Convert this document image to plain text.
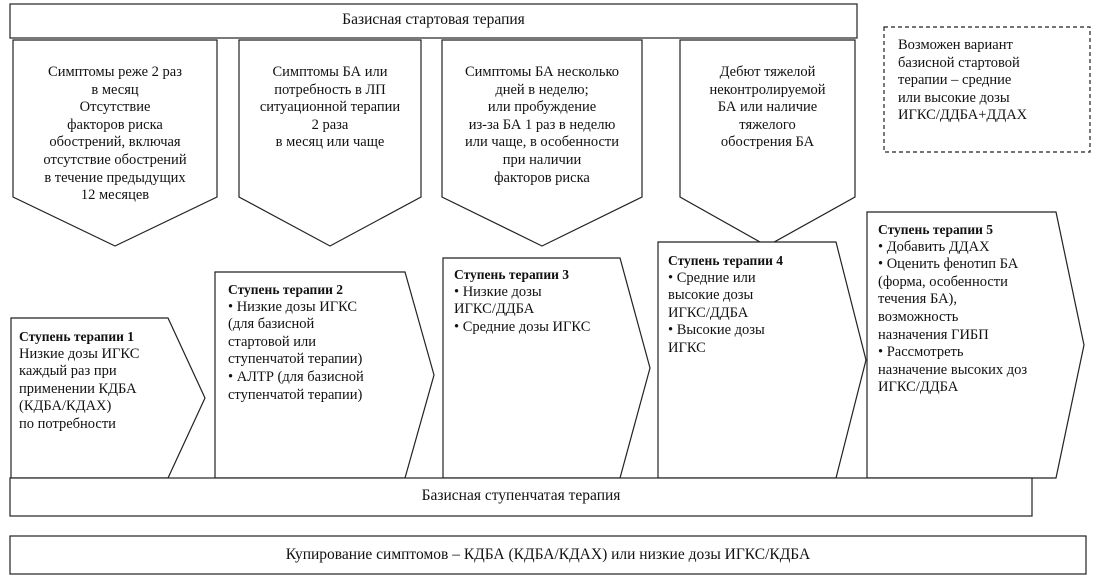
Базисная стартовая терапия
Базисная ступенчатая терапия
Купирование симптомов – КДБА (КДБА/КДАХ) или низкие дозы ИГКС/КДБА
Симптомы реже 2 раз
в месяц
Отсутствие
факторов риска
обострений, включая
отсутствие обострений
в течение предыдущих
12 месяцев
Симптомы БА или
потребность в ЛП
ситуационной терапии
2 раза
в месяц или чаще
Симптомы БА несколько
дней в неделю;
или пробуждение
из-за БА 1 раз в неделю
или чаще, в особенности
при наличии
факторов риска
Дебют тяжелой
неконтролируемой
БА или наличие
тяжелого
обострения БА
Возможен вариант
базисной стартовой
терапии – средние
или высокие дозы
ИГКС/ДДБА+ДДАХ
Ступень терапии 1
Низкие дозы ИГКС
каждый раз при
применении КДБА
(КДБА/КДАХ)
по потребности
Ступень терапии 2
• Низкие дозы ИГКС
(для базисной
стартовой или
ступенчатой терапии)
• АЛТР (для базисной
ступенчатой терапии)
Ступень терапии 3
• Низкие дозы
ИГКС/ДДБА
• Средние дозы ИГКС
Ступень терапии 4
• Средние или
высокие дозы
ИГКС/ДДБА
• Высокие дозы
ИГКС
Ступень терапии 5
• Добавить ДДАХ
• Оценить фенотип БА
(форма, особенности
течения БА),
возможность
назначения ГИБП
• Рассмотреть
назначение высоких доз
ИГКС/ДДБА
